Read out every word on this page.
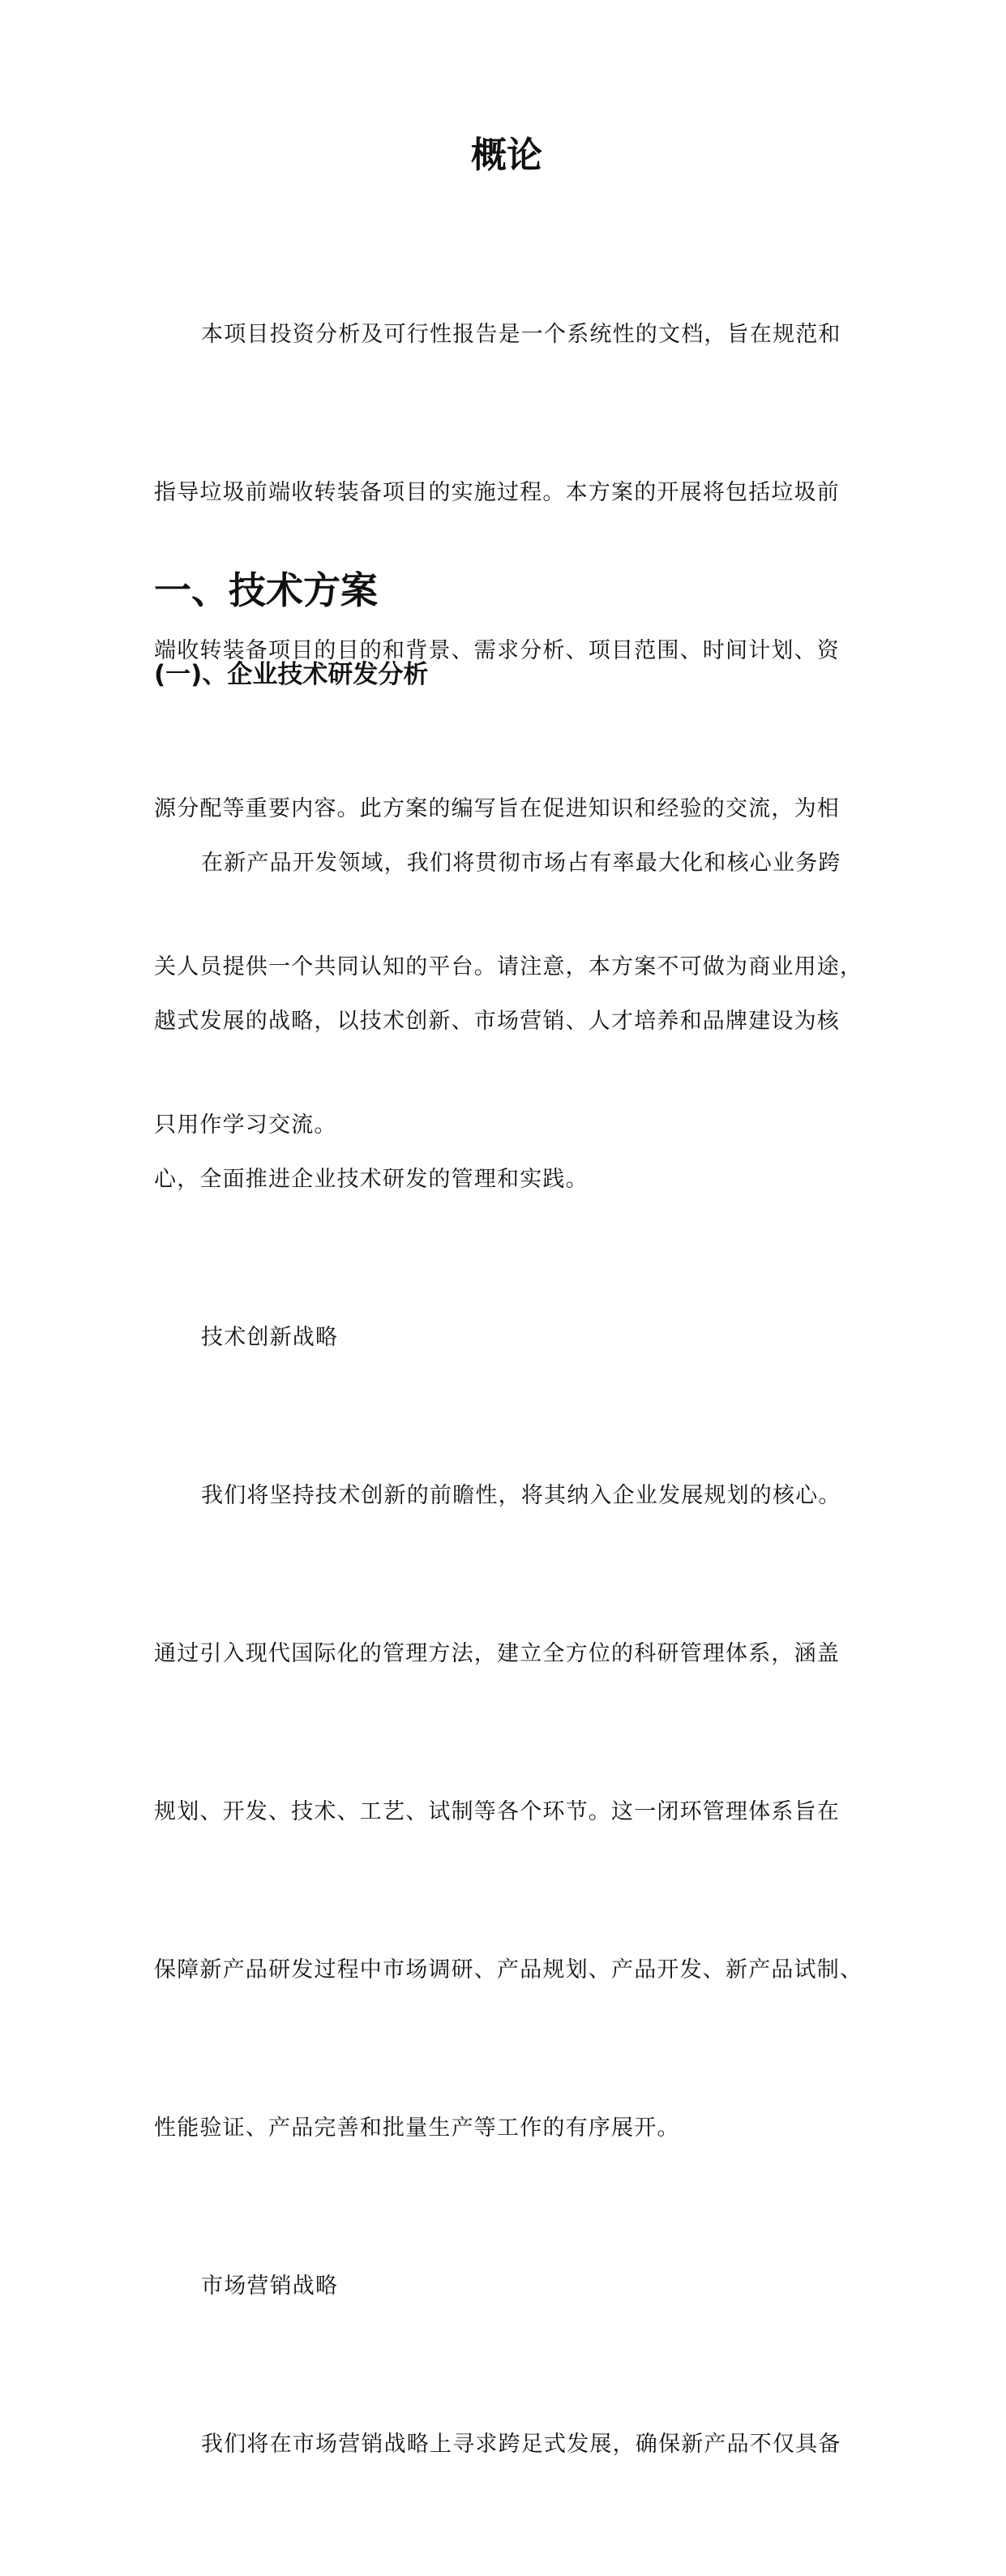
概论

本项目投资分析及可行性报告是一个系统性的文档，旨在规范和

指导垃圾前端收转装备项目的实施过程。本方案的开展将包括垃圾前

端收转装备项目的目的和背景、需求分析、项目范围、时间计划、资

源分配等重要内容。此方案的编写旨在促进知识和经验的交流，为相

关人员提供一个共同认知的平台。请注意，本方案不可做为商业用途，

只用作学习交流。

一、技术方案
(一)、企业技术研发分析

在新产品开发领域，我们将贯彻市场占有率最大化和核心业务跨

越式发展的战略，以技术创新、市场营销、人才培养和品牌建设为核

心，全面推进企业技术研发的管理和实践。

技术创新战略

我们将坚持技术创新的前瞻性，将其纳入企业发展规划的核心。

通过引入现代国际化的管理方法，建立全方位的科研管理体系，涵盖

规划、开发、技术、工艺、试制等各个环节。这一闭环管理体系旨在

保障新产品研发过程中市场调研、产品规划、产品开发、新产品试制、

性能验证、产品完善和批量生产等工作的有序展开。

市场营销战略

我们将在市场营销战略上寻求跨足式发展，确保新产品不仅具备
